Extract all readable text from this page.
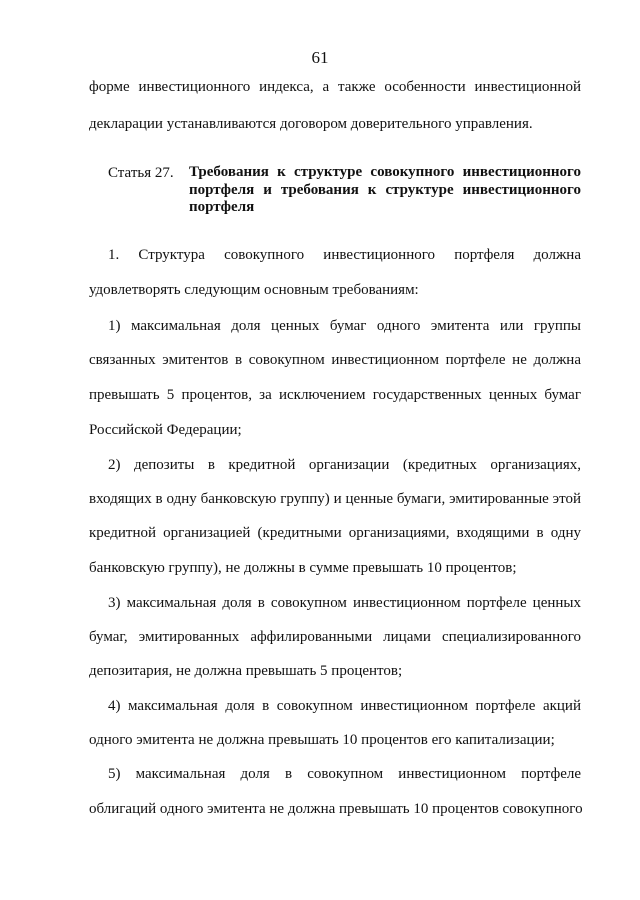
61
форме инвестиционного индекса, а также особенности инвестиционной
декларации устанавливаются договором доверительного управления.
Статья 27. Требования к структуре совокупного инвестиционного
портфеля и требования к структуре инвестиционного
портфеля
1. Структура совокупного инвестиционного портфеля должна
удовлетворять следующим основным требованиям:
1) максимальная доля ценных бумаг одного эмитента или группы
связанных эмитентов в совокупном инвестиционном портфеле не должна
превышать 5 процентов, за исключением государственных ценных бумаг
Российской Федерации;
2) депозиты в кредитной организации (кредитных организациях,
входящих в одну банковскую группу) и ценные бумаги, эмитированные этой
кредитной организацией (кредитными организациями, входящими в одну
банковскую группу), не должны в сумме превышать 10 процентов;
3) максимальная доля в совокупном инвестиционном портфеле ценных
бумаг, эмитированных аффилированными лицами специализированного
депозитария, не должна превышать 5 процентов;
4) максимальная доля в совокупном инвестиционном портфеле акций
одного эмитента не должна превышать 10 процентов его капитализации;
5) максимальная доля в совокупном инвестиционном портфеле
облигаций одного эмитента не должна превышать 10 процентов совокупного
